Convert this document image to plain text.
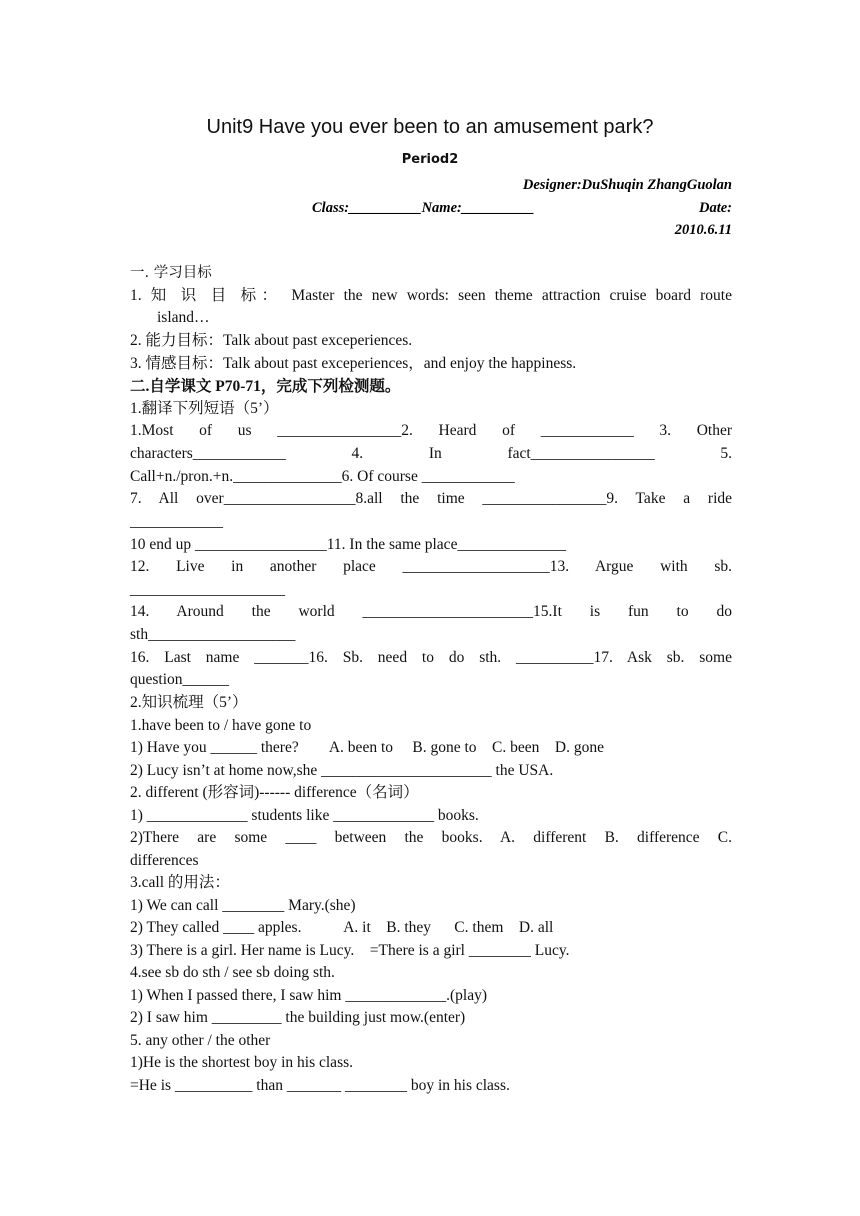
Unit9 Have you ever been to an amusement park?
Period2
Designer:DuShuqin ZhangGuolan
Class:__________Name:__________	Date:
2010.6.11
一. 学习目标
1. 知 识 目 标： Master the new words: seen theme attraction cruise board route
island…
2. 能力目标：Talk about past exceperiences.
3. 情感目标：Talk about past exceperiences，and enjoy the happiness.
二.自学课文 P70-71，完成下列检测题。
1.翻译下列短语（5’）
1.Most of us ________________2. Heard of ____________ 3. Other
characters____________ 4. In fact________________ 5.
Call+n./pron.+n.______________6. Of course ____________
7. All over_________________8.all the time ________________9. Take a ride
____________
10 end up _________________11. In the same place______________
12. Live in another place ___________________13. Argue with sb.
____________________
14. Around the world ______________________15.It is fun to do
sth___________________
16. Last name _______16. Sb. need to do sth. __________17. Ask sb. some
question______
2.知识梳理（5’）
1.have been to / have gone to
1) Have you ______ there?        A. been to     B. gone to    C. been    D. gone
2) Lucy isn’t at home now,she ______________________ the USA.
2. different (形容词)------ difference（名词）
1) _____________ students like _____________ books.
2)There are some ____ between the books. A. different B. difference C.
differences
3.call 的用法：
1) We can call ________ Mary.(she)
2) They called ____ apples.           A. it    B. they      C. them    D. all
3) There is a girl. Her name is Lucy.    =There is a girl ________ Lucy.
4.see sb do sth / see sb doing sth.
1) When I passed there, I saw him _____________.(play)
2) I saw him _________ the building just mow.(enter)
5. any other / the other
1)He is the shortest boy in his class.
=He is __________ than _______ ________ boy in his class.
